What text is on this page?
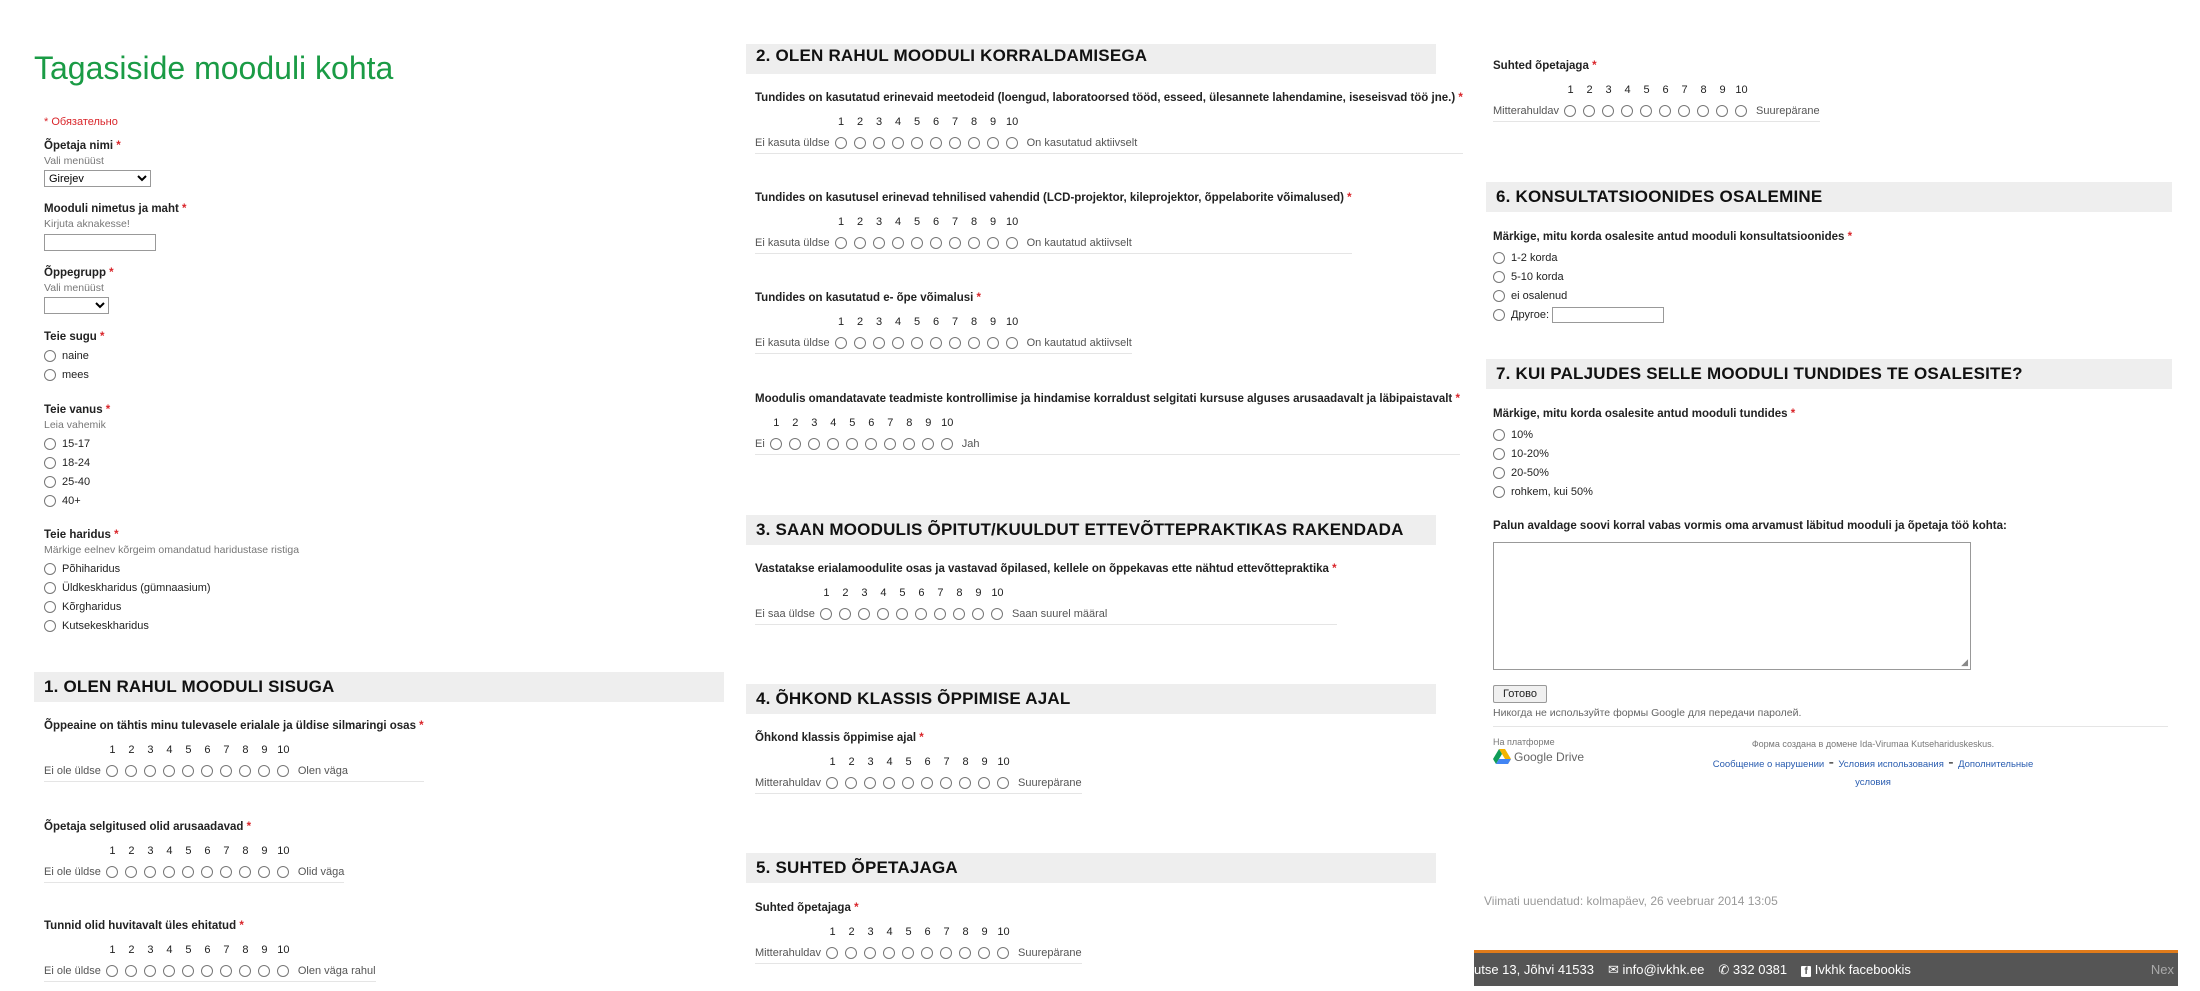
Tagasiside mooduli kohta
* Обязательно
Õpetaja nimi *
Vali menüüst
Girejev
Mooduli nimetus ja maht *
Kirjuta aknakesse!
Õppegrupp *
Vali menüüst
Teie sugu *
naine
mees
Teie vanus *
Leia vahemik
15-17
18-24
25-40
40+
Teie haridus *
Märkige eelnev kõrgeim omandatud haridustase ristiga
Põhiharidus
Üldkeskharidus (gümnaasium)
Kõrgharidus
Kutsekeskharidus
1. OLEN RAHUL MOODULI SISUGA
Õppeaine on tähtis minu tulevasele erialale ja üldise silmaringi osas *
1	2	3	4	5	6	7	8	9 10
Ei ole üldse	Olen väga
Õpetaja selgitused olid arusaadavad *
1	2	3	4	5	6	7	8	9 10
Ei ole üldse	Olid väga
Tunnid olid huvitavalt üles ehitatud *
1	2	3	4	5	6	7	8	9 10
Ei ole üldse	Olen väga rahul
2. OLEN RAHUL MOODULI KORRALDAMISEGA
Tundides on kasutatud erinevaid meetodeid (loengud, laboratoorsed tööd, esseed, ülesannete lahendamine, iseseisvad töö jne.) *
1	2	3	4	5	6	7	8	9 10
Ei kasuta üldse	On kasutatud aktiivselt
Tundides on kasutusel erinevad tehnilised vahendid (LCD-projektor, kileprojektor, õppelaborite võimalused) *
1	2	3	4	5	6	7	8	9 10
Ei kasuta üldse	On kautatud aktiivselt
Tundides on kasutatud e- õpe võimalusi *
1	2	3	4	5	6	7	8	9 10
Ei kasuta üldse	On kautatud aktiivselt
Moodulis omandatavate teadmiste kontrollimise ja hindamise korraldust selgitati kursuse alguses arusaadavalt ja läbipaistavalt *
1	2	3	4	5	6	7	8	9 10
Ei	Jah
3. SAAN MOODULIS ÕPITUT/KUULDUT ETTEVÕTTEPRAKTIKAS RAKENDADA
Vastatakse erialamoodulite osas ja vastavad õpilased, kellele on õppekavas ette nähtud ettevõttepraktika *
1	2	3	4	5	6	7	8	9 10
Ei saa üldse	Saan suurel määral
4. ÕHKOND KLASSIS ÕPPIMISE AJAL
Õhkond klassis õppimise ajal *
1	2	3	4	5	6	7	8	9 10
Mitterahuldav	Suurepärane
5. SUHTED ÕPETAJAGA
Suhted õpetajaga *
1	2	3	4	5	6	7	8	9 10
Mitterahuldav	Suurepärane
Suhted õpetajaga *
1	2	3	4	5	6	7	8	9 10
Mitterahuldav	Suurepärane
6. KONSULTATSIOONIDES OSALEMINE
Märkige, mitu korda osalesite antud mooduli konsultatsioonides *
1-2 korda
5-10 korda
ei osalenud
Другое:
7. KUI PALJUDES SELLE MOODULI TUNDIDES TE OSALESITE?
Märkige, mitu korda osalesite antud mooduli tundides *
10%
10-20%
20-50%
rohkem, kui 50%
Palun avaldage soovi korral vabas vormis oma arvamust läbitud mooduli ja õpetaja töö kohta:
◢
Готово
Никогда не используйте формы Google для передачи паролей.
На платформе
Google Drive
Форма создана в домене Ida-Virumaa Kutsehariduskeskus.
Сообщение о нарушении - Условия использования - Дополнительные условия
Viimati uuendatud: kolmapäev, 26 veebruar 2014 13:05
utse 13, Jõhvi 41533 ✉ info@ivkhk.ee ✆ 332 0381	f Ivkhk facebookis	Nex
